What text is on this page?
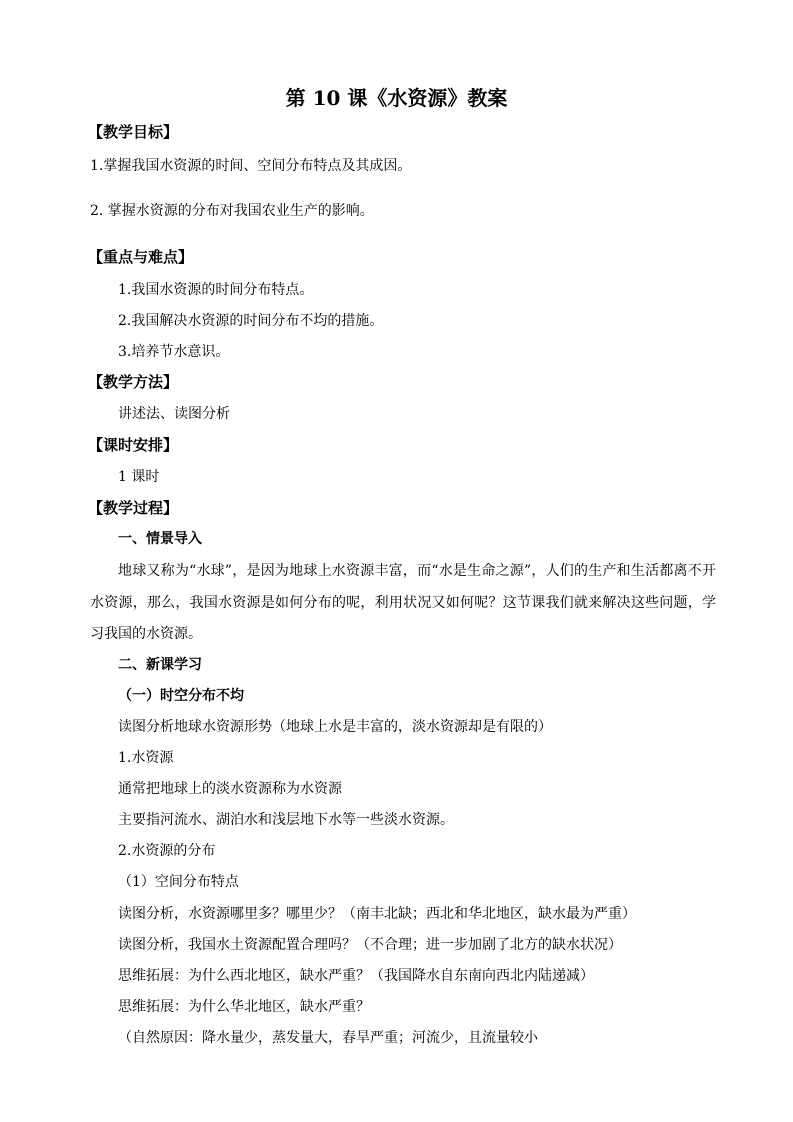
第 10 课《水资源》教案
【教学目标】
1.掌握我国水资源的时间、空间分布特点及其成因。
2. 掌握水资源的分布对我国农业生产的影响。
【重点与难点】
1.我国水资源的时间分布特点。
2.我国解决水资源的时间分布不均的措施。
3.培养节水意识。
【教学方法】
讲述法、读图分析
【课时安排】
1 课时
【教学过程】
一、情景导入
地球又称为“水球”，是因为地球上水资源丰富，而“水是生命之源”，人们的生产和生活都离不开水资源，那么，我国水资源是如何分布的呢，利用状况又如何呢？这节课我们就来解决这些问题，学习我国的水资源。
二、新课学习
（一）时空分布不均
读图分析地球水资源形势（地球上水是丰富的，淡水资源却是有限的）
1.水资源
通常把地球上的淡水资源称为水资源
主要指河流水、湖泊水和浅层地下水等一些淡水资源。
2.水资源的分布
（1）空间分布特点
读图分析，水资源哪里多？哪里少？（南丰北缺；西北和华北地区，缺水最为严重）
读图分析，我国水土资源配置合理吗？（不合理；进一步加剧了北方的缺水状况）
思维拓展：为什么西北地区，缺水严重？（我国降水自东南向西北内陆递减）
思维拓展：为什么华北地区，缺水严重？
（自然原因：降水量少，蒸发量大，春旱严重；河流少，且流量较小
